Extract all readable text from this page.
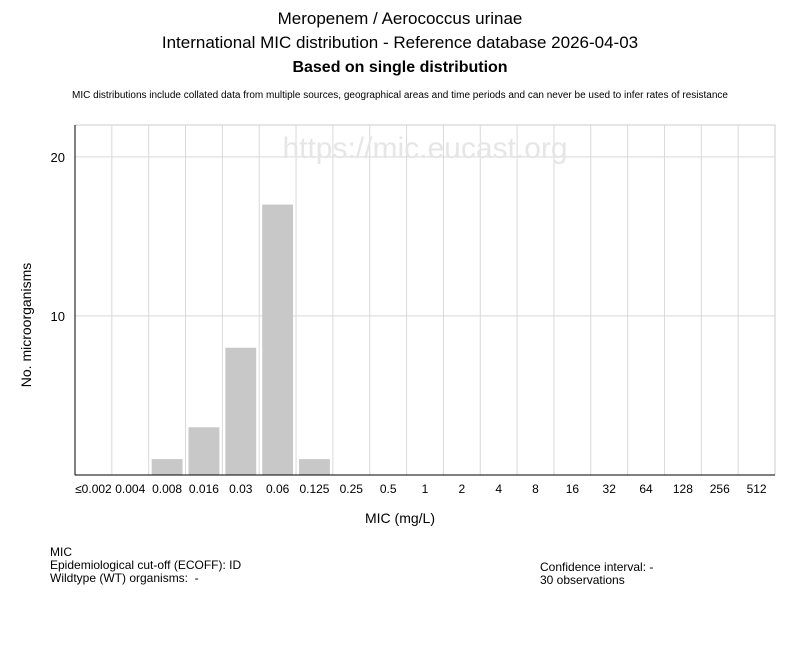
Meropenem / Aerococcus urinae
International MIC distribution - Reference database 2026-04-03
Based on single distribution
MIC distributions include collated data from multiple sources, geographical areas and time periods and can never be used to infer rates of resistance
10
20	https://mic.eucast.org
≤0.002 0.004 0.008 0.016 0.03 0.06 0.125 0.25 0.5 1	2	4	8 16 32 64 128 256 512
MIC (mg/L)
No. microorganisms
MIC
Epidemiological cut-off (ECOFF): ID
Wildtype (WT) organisms:  -
Confidence interval: -
30 observations
